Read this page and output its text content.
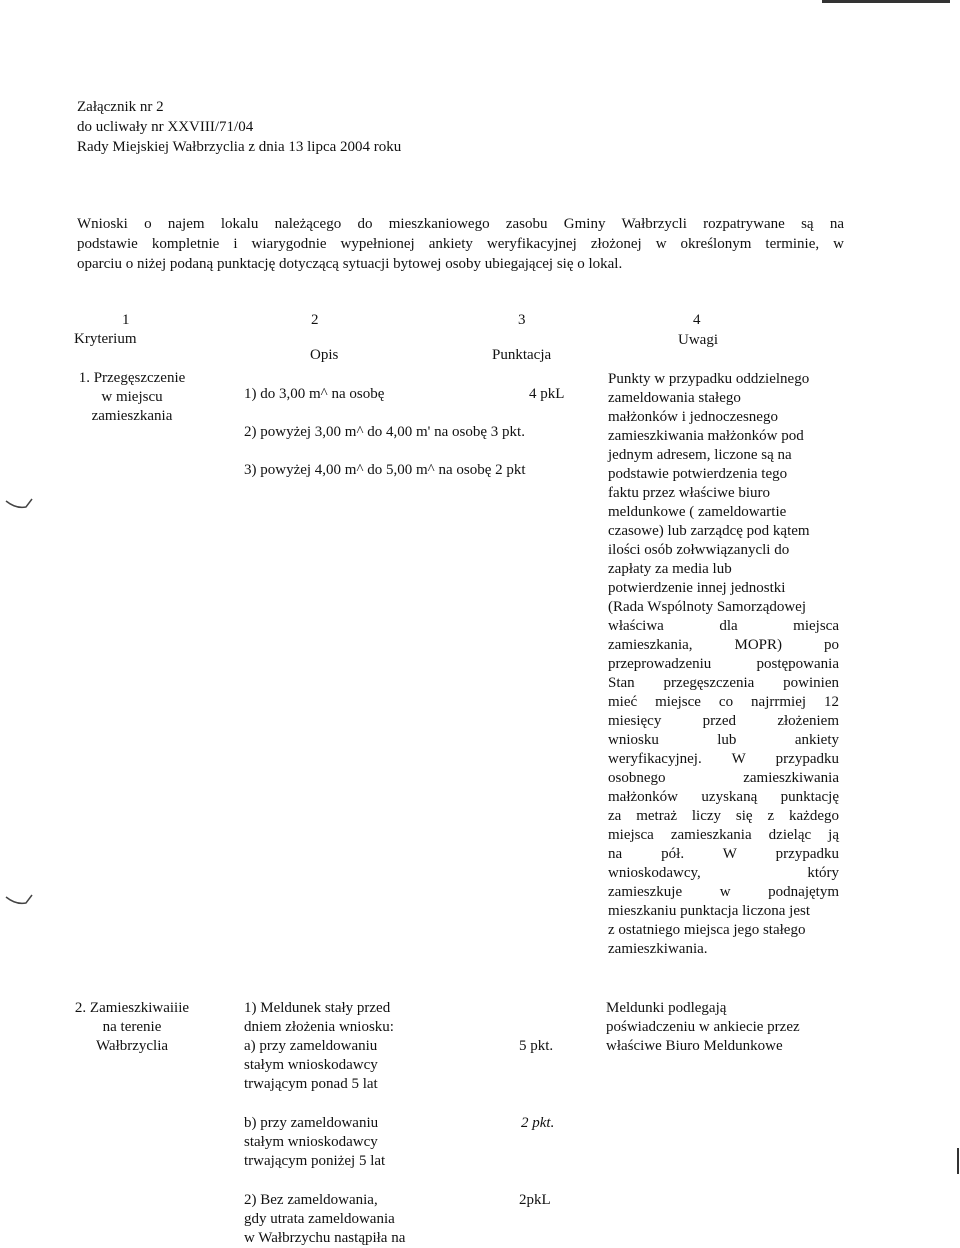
Załącznik nr 2
do ucliwały nr XXVIII/71/04
Rady Miejskiej Wałbrzyclia z dnia 13 lipca 2004 roku
Wnioski o najem lokalu należącego do mieszkaniowego zasobu Gminy Wałbrzycli rozpatrywane są na
podstawie kompletnie i wiarygodnie wypełnionej ankiety weryfikacyjnej złożonej w określonym terminie, w
oparciu o niżej podaną punktację dotyczącą sytuacji bytowej osoby ubiegającej się o lokal.
1
Kryterium
2
Opis
3
Punktacja
4
Uwagi
1. Przegęszczenie
w miejscu
zamieszkania
1) do 3,00 m^ na osobę	4 pkL
2) powyżej 3,00 m^ do 4,00 m' na osobę 3 pkt.
3) powyżej 4,00 m^ do 5,00 m^ na osobę 2 pkt
Punkty w przypadku oddzielnego
zameldowania stałego
małżonków i jednoczesnego
zamieszkiwania małżonków pod
jednym adresem, liczone są na
podstawie potwierdzenia tego
faktu przez właściwe biuro
meldunkowe ( zameldowartie
czasowe) lub zarządcę pod kątem
ilości osób zołwwiązanycli do
zapłaty za media lub
potwierdzenie innej jednostki
(Rada Wspólnoty Samorządowej
właściwa dla miejsca
zamieszkania, MOPR) po
przeprowadzeniu postępowania
Stan przegęszczenia powinien
mieć miejsce co najrrmiej 12
miesięcy przed złożeniem
wniosku lub ankiety
weryfikacyjnej. W przypadku
osobnego zamieszkiwania
małżonków uzyskaną punktację
za metraż liczy się z każdego
miejsca zamieszkania dzieląc ją
na pół. W przypadku
wnioskodawcy, który
zamieszkuje w podnajętym
mieszkaniu punktacja liczona jest
z ostatniego miejsca jego stałego
zamieszkiwania.
2. Zamieszkiwaiiie
na terenie
Wałbrzyclia
1) Meldunek stały przed
dniem złożenia wniosku:
a) przy zameldowaniu
stałym wnioskodawcy
trwającym ponad 5 lat
5 pkt.
b) przy zameldowaniu
stałym wnioskodawcy
trwającym poniżej 5 lat
2 pkt.
2) Bez zameldowania,
gdy utrata zameldowania
w Wałbrzychu nastąpiła na
2pkL
Meldunki podlegają
poświadczeniu w ankiecie przez
właściwe Biuro Meldunkowe
